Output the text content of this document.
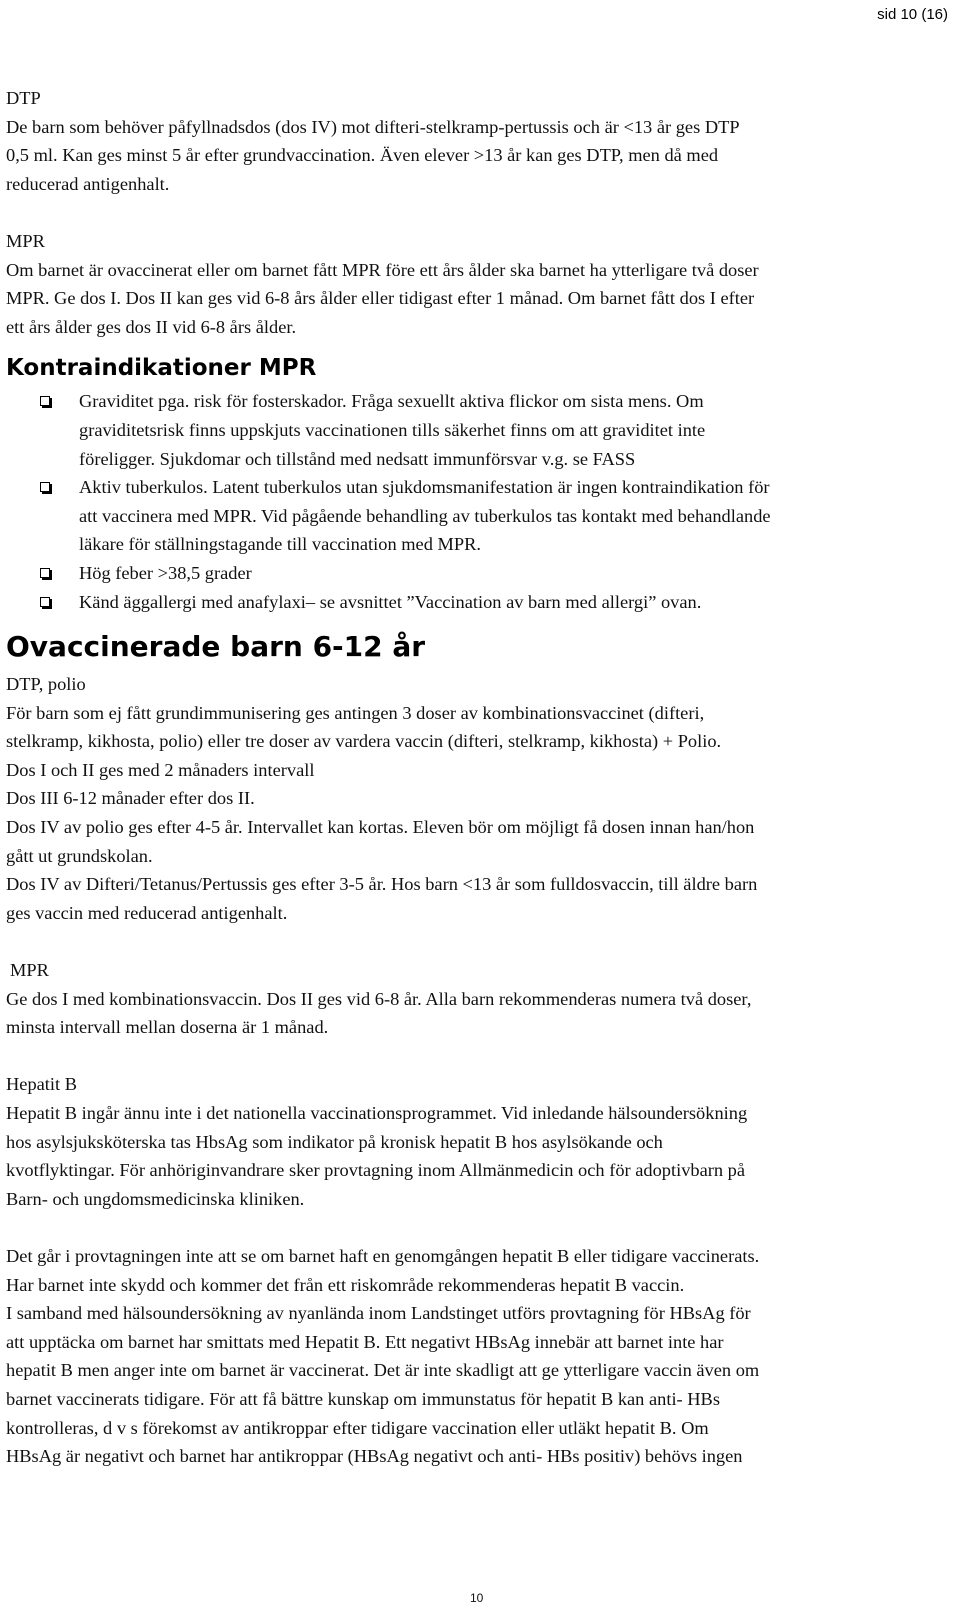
sid 10 (16)

DTP

De barn som behöver påfyllnadsdos (dos IV) mot difteri-stelkramp-pertussis och är <13 år ges DTP
0,5 ml. Kan ges minst 5 år efter grundvaccination. Även elever >13 år kan ges DTP, men då med
reducerad antigenhalt.

MPR

Om barnet är ovaccinerat eller om barnet fått MPR före ett års ålder ska barnet ha ytterligare två doser
MPR. Ge dos I. Dos II kan ges vid 6-8 års ålder eller tidigast efter 1 månad. Om barnet fått dos I efter
ett års ålder ges dos II vid 6-8 års ålder.

Kontraindikationer MPR
Graviditet pga. risk för fosterskador. Fråga sexuellt aktiva flickor om sista mens. Om
graviditetsrisk finns uppskjuts vaccinationen tills säkerhet finns om att graviditet inte
föreligger. Sjukdomar och tillstånd med nedsatt immunförsvar v.g. se FASS
Aktiv tuberkulos. Latent tuberkulos utan sjukdomsmanifestation är ingen kontraindikation för
att vaccinera med MPR. Vid pågående behandling av tuberkulos tas kontakt med behandlande
läkare för ställningstagande till vaccination med MPR.
Hög feber >38,5 grader
Känd äggallergi med anafylaxi– se avsnittet ”Vaccination av barn med allergi” ovan.
Ovaccinerade barn 6-12 år

DTP, polio

För barn som ej fått grundimmunisering ges antingen 3 doser av kombinationsvaccinet (difteri,
stelkramp, kikhosta, polio) eller tre doser av vardera vaccin (difteri, stelkramp, kikhosta) + Polio.
Dos I och II ges med 2 månaders intervall
Dos III 6-12 månader efter dos II.
Dos IV av polio ges efter 4-5 år. Intervallet kan kortas. Eleven bör om möjligt få dosen innan han/hon
gått ut grundskolan.
Dos IV av Difteri/Tetanus/Pertussis ges efter 3-5 år. Hos barn <13 år som fulldosvaccin, till äldre barn
ges vaccin med reducerad antigenhalt.

MPR

Ge dos I med kombinationsvaccin. Dos II ges vid 6-8 år. Alla barn rekommenderas numera två doser,
minsta intervall mellan doserna är 1 månad.

Hepatit B

Hepatit B ingår ännu inte i det nationella vaccinationsprogrammet. Vid inledande hälsoundersökning
hos asylsjuksköterska tas HbsAg som indikator på kronisk hepatit B hos asylsökande och
kvotflyktingar. För anhöriginvandrare sker provtagning inom Allmänmedicin och för adoptivbarn på
Barn- och ungdomsmedicinska kliniken.

Det går i provtagningen inte att se om barnet haft en genomgången hepatit B eller tidigare vaccinerats.
Har barnet inte skydd och kommer det från ett riskområde rekommenderas hepatit B vaccin.
I samband med hälsoundersökning av nyanlända inom Landstinget utförs provtagning för HBsAg för
att upptäcka om barnet har smittats med Hepatit B. Ett negativt HBsAg innebär att barnet inte har
hepatit B men anger inte om barnet är vaccinerat. Det är inte skadligt att ge ytterligare vaccin även om
barnet vaccinerats tidigare. För att få bättre kunskap om immunstatus för hepatit B kan anti- HBs
kontrolleras, d v s förekomst av antikroppar efter tidigare vaccination eller utläkt hepatit B. Om
HBsAg är negativt och barnet har antikroppar (HBsAg negativt och anti- HBs positiv) behövs ingen

10
